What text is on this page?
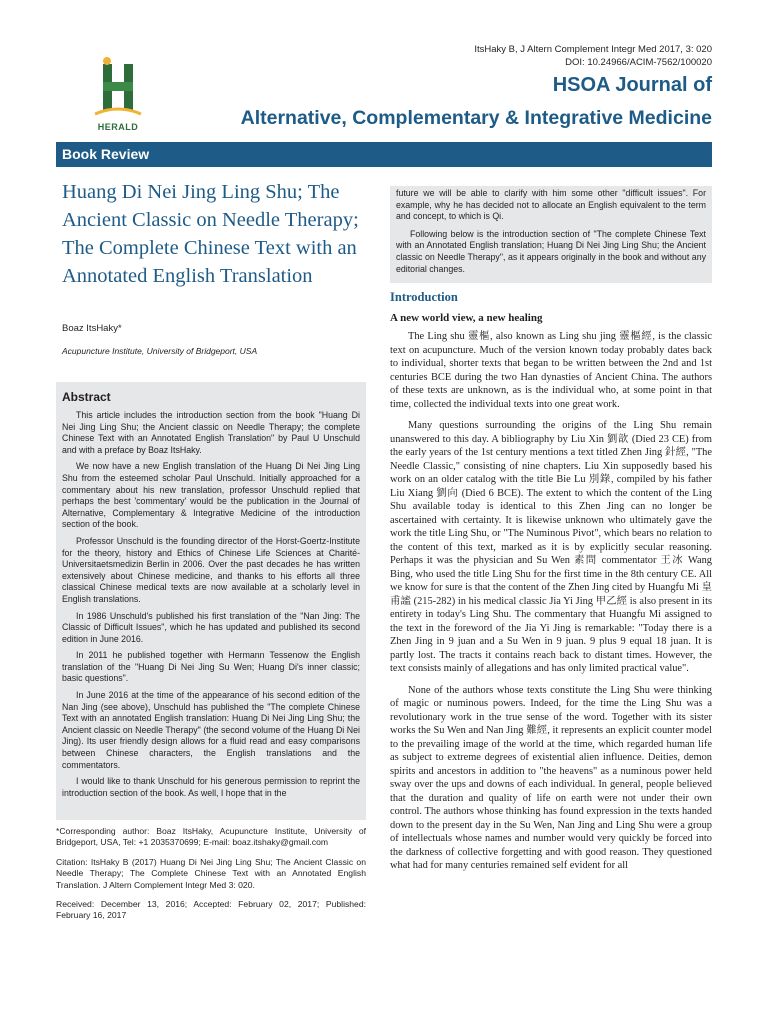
ItsHaky B, J Altern Complement Integr Med 2017, 3: 020
DOI: 10.24966/ACIM-7562/100020
HERALD
HSOA Journal of
Alternative, Complementary & Integrative Medicine
Book Review
Huang Di Nei Jing Ling Shu; The Ancient Classic on Needle Therapy; The Complete Chinese Text with an Annotated English Translation
Boaz ItsHaky*
Acupuncture Institute, University of Bridgeport, USA
Abstract

This article includes the introduction section from the book "Huang Di Nei Jing Ling Shu; the Ancient classic on Needle Therapy; the complete Chinese Text with an Annotated English Translation" by Paul U Unschuld and with a preface by Boaz ItsHaky.

We now have a new English translation of the Huang Di Nei Jing Ling Shu from the esteemed scholar Paul Unschuld. Initially approached for a commentary about his new translation, professor Unschuld replied that perhaps the best 'commentary' would be the publication in the Journal of Alternative, Complementary & Integrative Medicine of the introduction section of the book.

Professor Unschuld is the founding director of the Horst-Goertz-Institute for the theory, history and Ethics of Chinese Life Sciences at Charité-Universitaetsmedizin Berlin in 2006. Over the past decades he has written extensively about Chinese medicine, and thanks to his efforts all three classical Chinese medical texts are now available at a scholarly level in English translations.

In 1986 Unschuld's published his first translation of the "Nan Jing: The Classic of Difficult Issues", which he has updated and published its second edition in June 2016.

In 2011 he published together with Hermann Tessenow the English translation of the "Huang Di Nei Jing Su Wen; Huang Di's inner classic; basic questions".

In June 2016 at the time of the appearance of his second edition of the Nan Jing (see above), Unschuld has published the "The complete Chinese Text with an annotated English translation: Huang Di Nei Jing Ling Shu; the Ancient classic on Needle Therapy" (the second volume of the Huang Di Nei Jing). Its user friendly design allows for a fluid read and easy comparisons between Chinese characters, the English translations and the commentators.

I would like to thank Unschuld for his generous permission to reprint the introduction section of the book. As well, I hope that in the

*Corresponding author: Boaz ItsHaky, Acupuncture Institute, University of Bridgeport, USA, Tel: +1 2035370699; E-mail: boaz.itshaky@gmail.com

Citation: ItsHaky B (2017) Huang Di Nei Jing Ling Shu; The Ancient Classic on Needle Therapy; The Complete Chinese Text with an Annotated English Translation. J Altern Complement Integr Med 3: 020.

Received: December 13, 2016; Accepted: February 02, 2017; Published: February 16, 2017

future we will be able to clarify with him some other "difficult issues". For example, why he has decided not to allocate an English equivalent to the term and concept, to which is Qi.

Following below is the introduction section of "The complete Chinese Text with an Annotated English translation; Huang Di Nei Jing Ling Shu; the Ancient classic on Needle Therapy", as it appears originally in the book and without any editorial changes.

Introduction
A new world view, a new healing

The Ling shu 靈樞, also known as Ling shu jing 靈樞經, is the classic text on acupuncture. Much of the version known today probably dates back to individual, shorter texts that began to be written between the 2nd and 1st centuries BCE during the two Han dynasties of Ancient China. The authors of these texts are unknown, as is the individual who, at some point in that time, collected the individual texts into one great work.

Many questions surrounding the origins of the Ling Shu remain unanswered to this day. A bibliography by Liu Xin 劉歆 (Died 23 CE) from the early years of the 1st century mentions a text titled Zhen Jing 針經, "The Needle Classic," consisting of nine chapters. Liu Xin supposedly based his work on an older catalog with the title Bie Lu 別錄, compiled by his father Liu Xiang 劉向 (Died 6 BCE). The extent to which the content of the Ling Shu available today is identical to this Zhen Jing can no longer be ascertained with certainty. It is likewise unknown who ultimately gave the work the title Ling Shu, or "The Numinous Pivot", which bears no relation to the content of this text, marked as it is by explicitly secular reasoning. Perhaps it was the physician and Su Wen 素問 commentator 王冰 Wang Bing, who used the title Ling Shu for the first time in the 8th century CE. All we know for sure is that the content of the Zhen Jing cited by Huangfu Mi 皇甫謐 (215-282) in his medical classic Jia Yi Jing 甲乙經 is also present in its entirety in today's Ling Shu. The commentary that Huangfu Mi assigned to the text in the foreword of the Jia Yi Jing is remarkable: "Today there is a Zhen Jing in 9 juan and a Su Wen in 9 juan. 9 plus 9 equal 18 juan. It is partly lost. The tracts it contains reach back to distant times. However, the text consists mainly of allegations and has only limited practical value".

None of the authors whose texts constitute the Ling Shu were thinking of magic or numinous powers. Indeed, for the time the Ling Shu was a revolutionary work in the true sense of the word. Together with its sister works the Su Wen and Nan Jing 難經, it represents an explicit counter model to the prevailing image of the world at the time, which regarded human life as subject to extreme degrees of existential alien influence. Deities, demon spirits and ancestors in addition to "the heavens" as a numinous power held sway over the ups and downs of each individual. In general, people believed that the duration and quality of life on earth were not under their own control. The authors whose thinking has found expression in the texts handed down to the present day in the Su Wen, Nan Jing and Ling Shu were a group of intellectuals whose names and number would very quickly be forced into the darkness of collective forgetting and with good reason. They questioned what had for many centuries remained self evident for all
